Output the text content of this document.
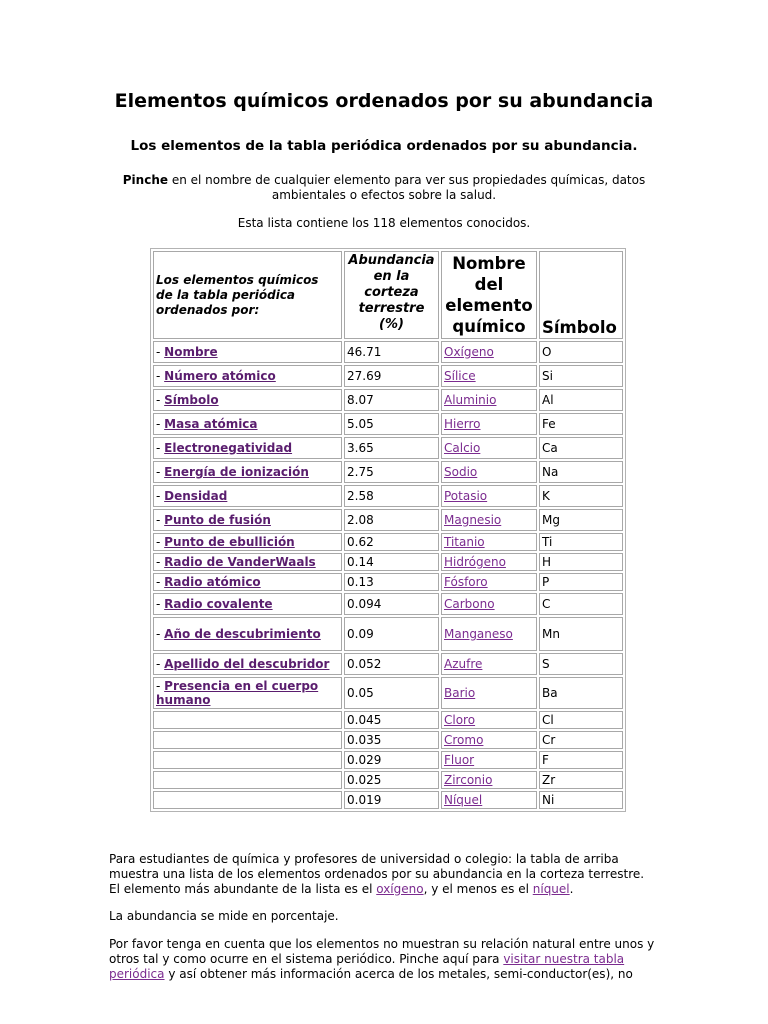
Elementos químicos ordenados por su abundancia
Los elementos de la tabla periódica ordenados por su abundancia.

Pinche en el nombre de cualquier elemento para ver sus propiedades químicas, datos ambientales o efectos sobre la salud.

Esta lista contiene los 118 elementos conocidos.

Los elementos químicos de la tabla periódica ordenados por:	Abundancia en la corteza terrestre (%)	Nombre del elemento químico	Símbolo
- Nombre	46.71	Oxígeno	O
- Número atómico	27.69	Sílice	Si
- Símbolo	8.07	Aluminio	Al
- Masa atómica	5.05	Hierro	Fe
- Electronegatividad	3.65	Calcio	Ca
- Energía de ionización	2.75	Sodio	Na
- Densidad	2.58	Potasio	K
- Punto de fusión	2.08	Magnesio	Mg
- Punto de ebullición	0.62	Titanio	Ti
- Radio de VanderWaals	0.14	Hidrógeno	H
- Radio atómico	0.13	Fósforo	P
- Radio covalente	0.094	Carbono	C
- Año de descubrimiento	0.09	Manganeso	Mn
- Apellido del descubridor	0.052	Azufre	S
- Presencia en el cuerpo humano	0.05	Bario	Ba
	0.045	Cloro	Cl
	0.035	Cromo	Cr
	0.029	Fluor	F
	0.025	Zirconio	Zr
	0.019	Níquel	Ni

Para estudiantes de química y profesores de universidad o colegio: la tabla de arriba muestra una lista de los elementos ordenados por su abundancia en la corteza terrestre.
El elemento más abundante de la lista es el oxígeno, y el menos es el níquel.

La abundancia se mide en porcentaje.

Por favor tenga en cuenta que los elementos no muestran su relación natural entre unos y otros tal y como ocurre en el sistema periódico. Pinche aquí para visitar nuestra tabla periódica y así obtener más información acerca de los metales, semi-conductor(es), no
